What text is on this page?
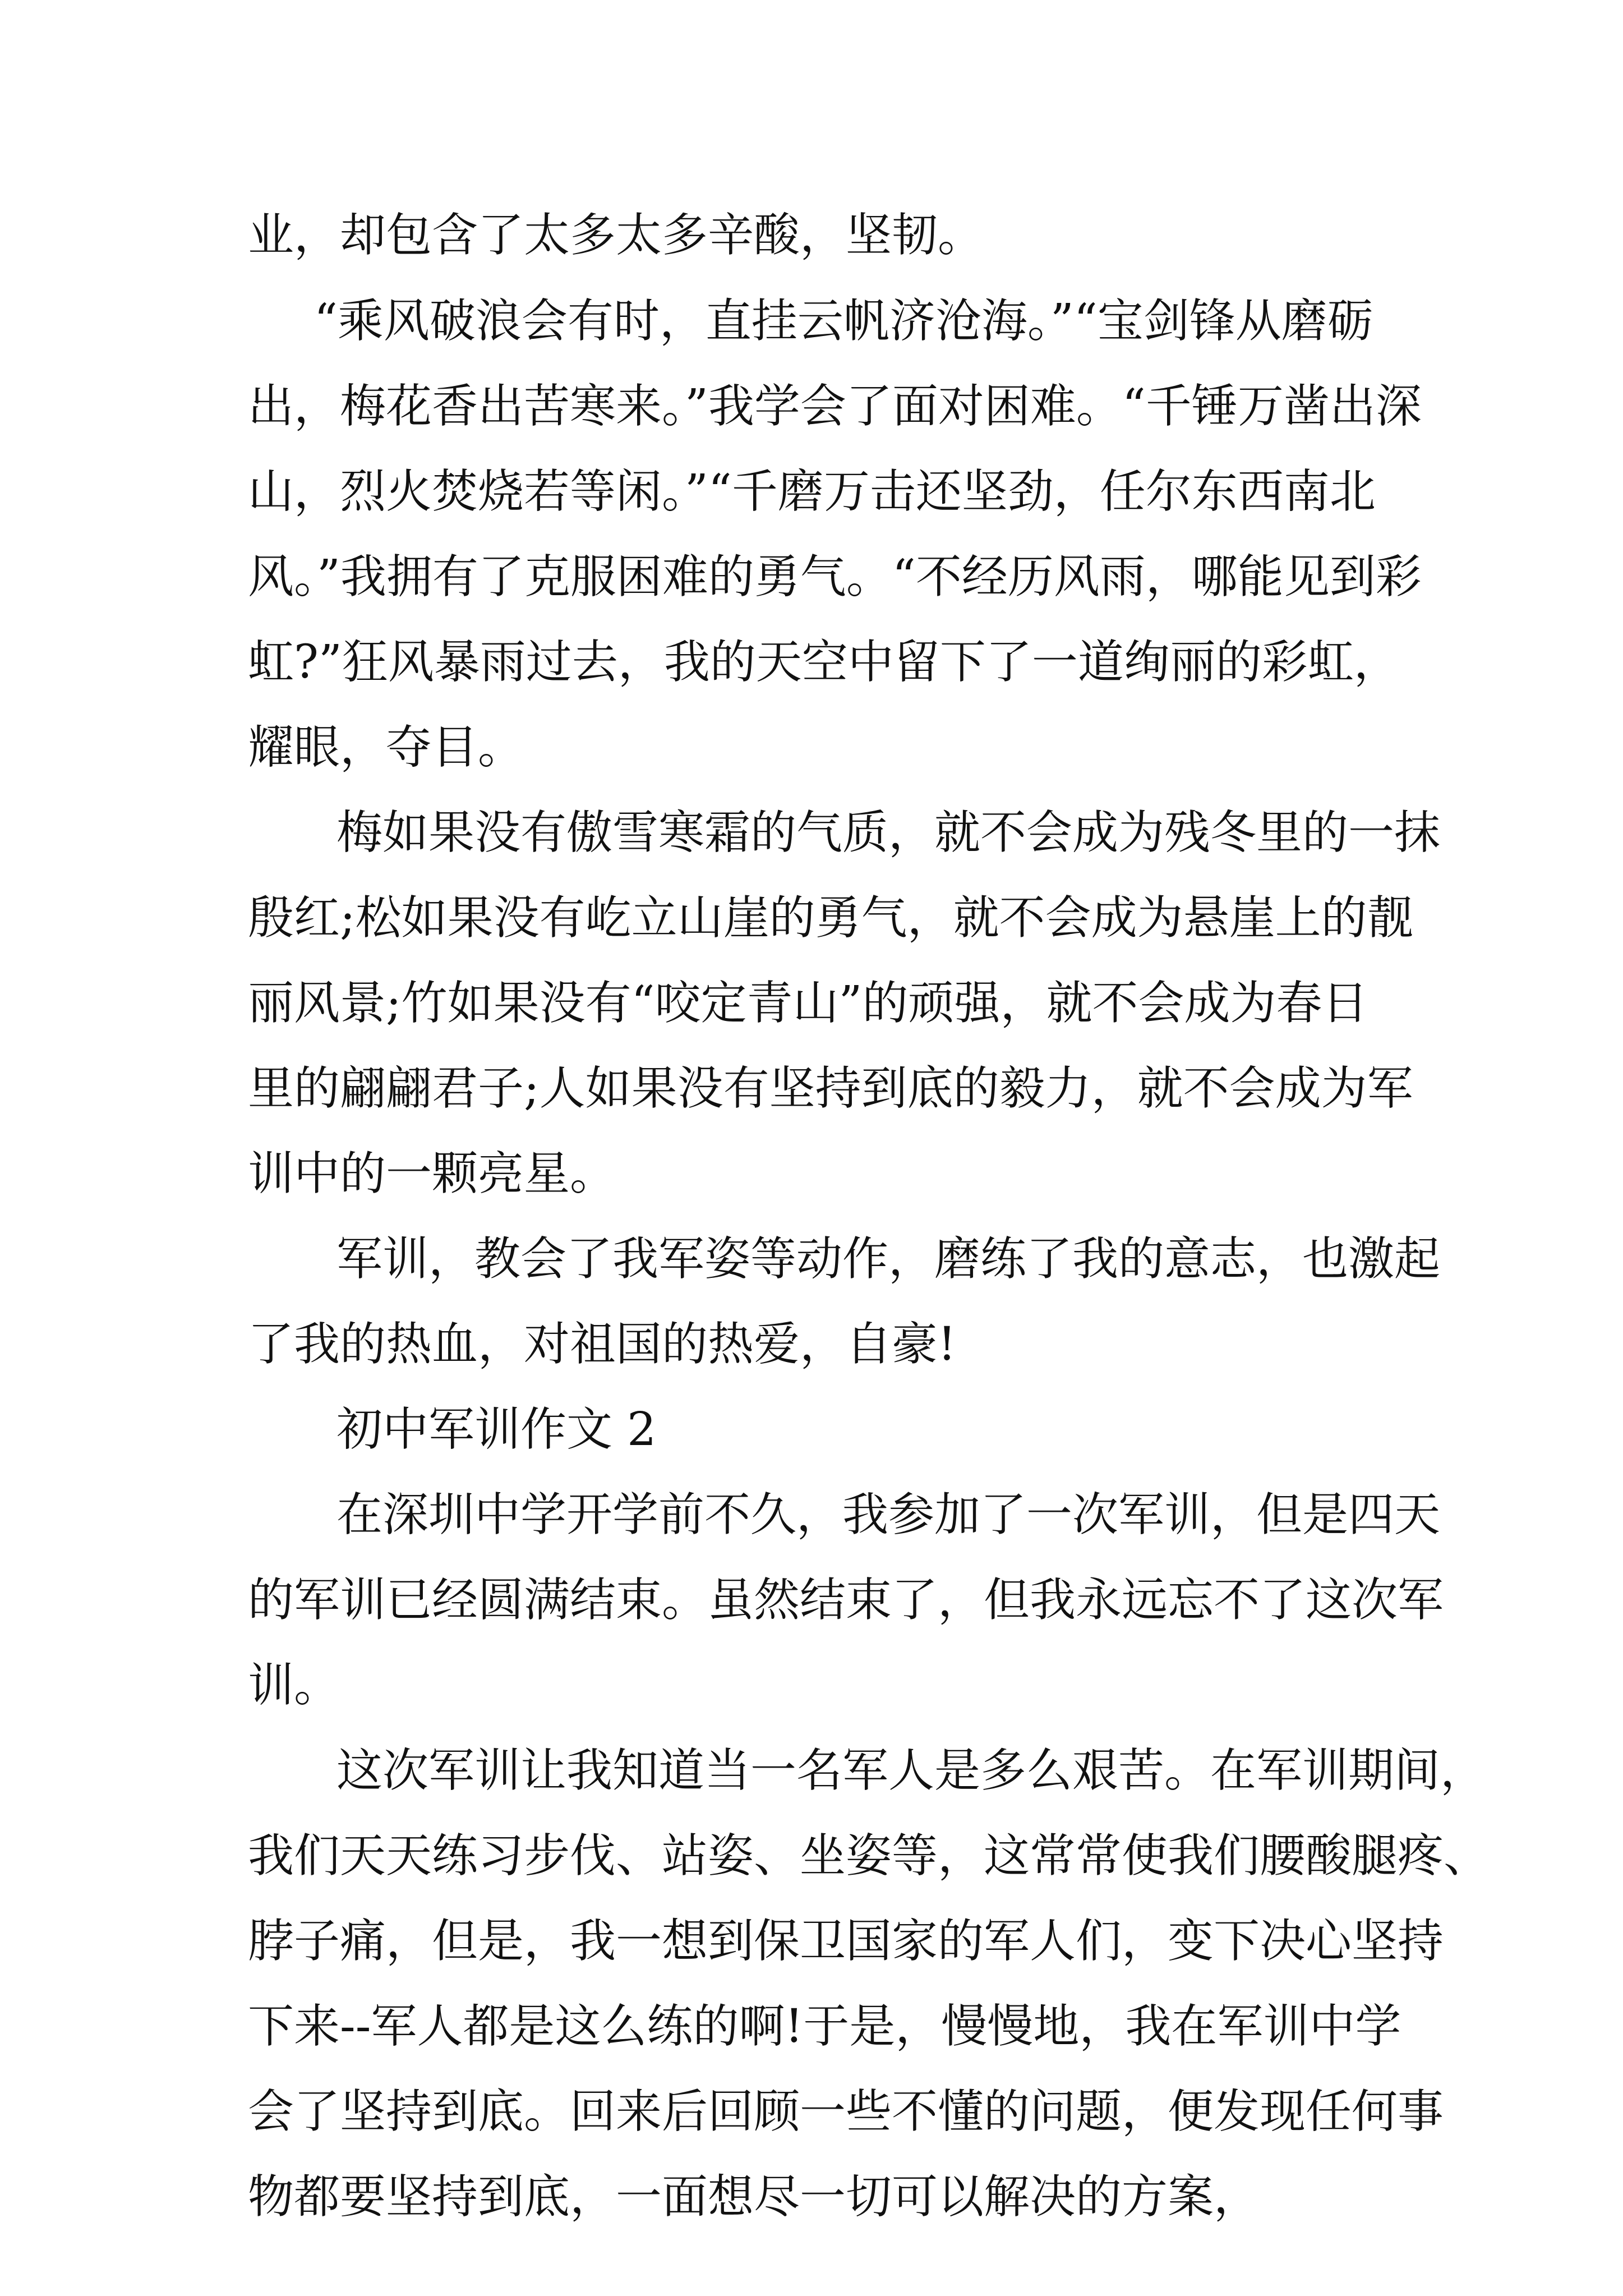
业，却包含了太多太多辛酸，坚韧。
“乘风破浪会有时，直挂云帆济沧海。”“宝剑锋从磨砺
出，梅花香出苦寒来。”我学会了面对困难。“千锤万凿出深
山，烈火焚烧若等闲。”“千磨万击还坚劲，任尔东西南北
风。”我拥有了克服困难的勇气。“不经历风雨，哪能见到彩
虹?”狂风暴雨过去，我的天空中留下了一道绚丽的彩虹，
耀眼，夺目。
梅如果没有傲雪寒霜的气质，就不会成为残冬里的一抹
殷红;松如果没有屹立山崖的勇气，就不会成为悬崖上的靓
丽风景;竹如果没有“咬定青山”的顽强，就不会成为春日
里的翩翩君子;人如果没有坚持到底的毅力，就不会成为军
训中的一颗亮星。
军训，教会了我军姿等动作，磨练了我的意志，也激起
了我的热血，对祖国的热爱，自豪!
初中军训作文 2
在深圳中学开学前不久，我参加了一次军训，但是四天
的军训已经圆满结束。虽然结束了，但我永远忘不了这次军
训。
这次军训让我知道当一名军人是多么艰苦。在军训期间，
我们天天练习步伐、站姿、坐姿等，这常常使我们腰酸腿疼、
脖子痛，但是，我一想到保卫国家的军人们，变下决心坚持
下来--军人都是这么练的啊!于是，慢慢地，我在军训中学
会了坚持到底。回来后回顾一些不懂的问题，便发现任何事
物都要坚持到底，一面想尽一切可以解决的方案，
